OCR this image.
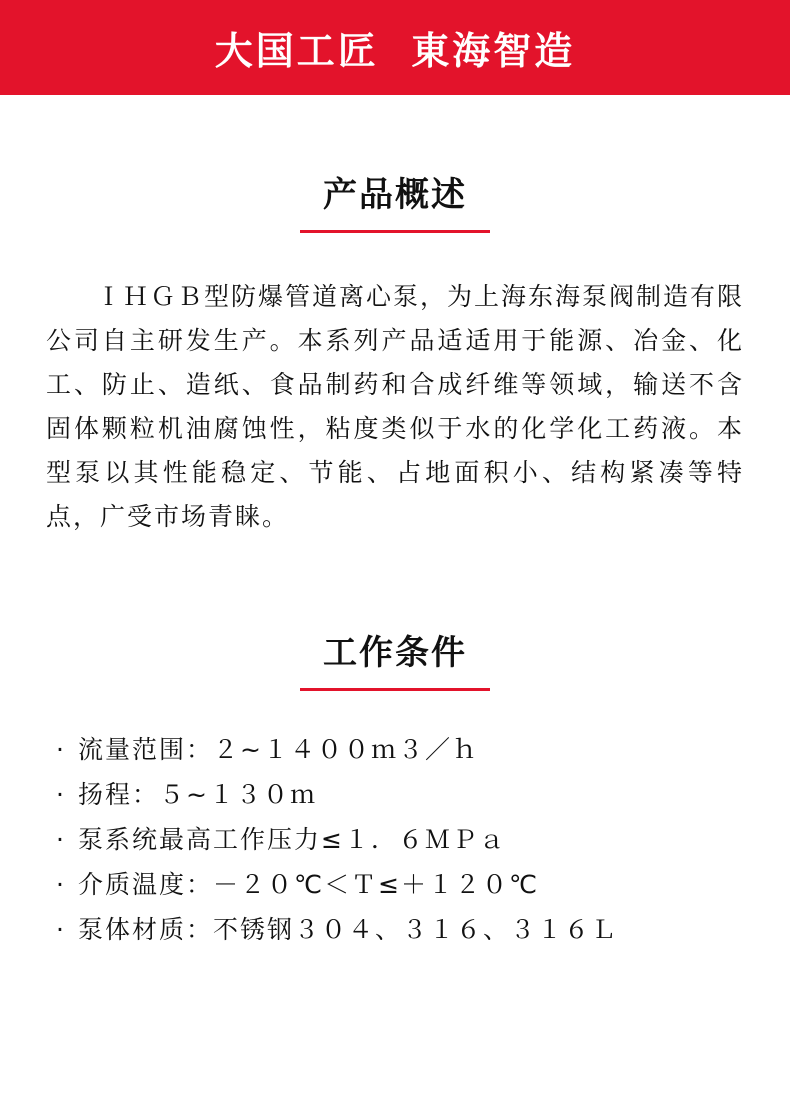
大国工匠  東海智造
产品概述

ＩＨＧＢ型防爆管道离心泵，为上海东海泵阀制造有限公司自主研发生产。本系列产品适适用于能源、冶金、化工、防止、造纸、食品制药和合成纤维等领域，输送不含固体颗粒机油腐蚀性，粘度类似于水的化学化工药液。本型泵以其性能稳定、节能、占地面积小、结构紧凑等特点，广受市场青睐。

工作条件
· 流量范围：２~１４００ｍ３／ｈ
· 扬程：５~１３０ｍ
· 泵系统最高工作压力≤１．６ＭＰａ
· 介质温度：－２０℃＜Ｔ≤＋１２０℃
· 泵体材质：不锈钢３０４、３１６、３１６Ｌ
